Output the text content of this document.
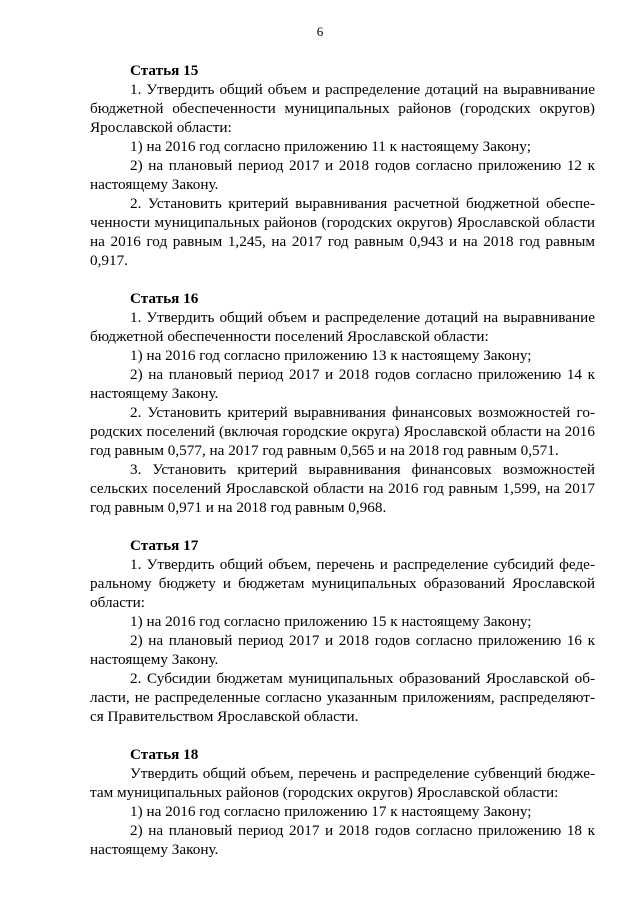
6

Статья 15

1. Утвердить общий объем и распределение дотаций на выравнивание бюджетной обеспеченности муниципальных районов (городских округов) Ярославской области:

1) на 2016 год согласно приложению 11 к настоящему Закону;

2) на плановый период 2017 и 2018 годов согласно приложению 12 к настоящему Закону.

2. Установить критерий выравнивания расчетной бюджетной обеспеченности муниципальных районов (городских округов) Ярославской области на 2016 год равным 1,245, на 2017 год равным 0,943 и на 2018 год равным 0,917.

Статья 16

1. Утвердить общий объем и распределение дотаций на выравнивание бюджетной обеспеченности поселений Ярославской области:

1) на 2016 год согласно приложению 13 к настоящему Закону;

2) на плановый период 2017 и 2018 годов согласно приложению 14 к настоящему Закону.

2. Установить критерий выравнивания финансовых возможностей городских поселений (включая городские округа) Ярославской области на 2016 год равным 0,577, на 2017 год равным 0,565 и на 2018 год равным 0,571.

3. Установить критерий выравнивания финансовых возможностей сельских поселений Ярославской области на 2016 год равным 1,599, на 2017 год равным 0,971 и на 2018 год равным 0,968.

Статья 17

1. Утвердить общий объем, перечень и распределение субсидий федеральному бюджету и бюджетам муниципальных образований Ярославской области:

1) на 2016 год согласно приложению 15 к настоящему Закону;

2) на плановый период 2017 и 2018 годов согласно приложению 16 к настоящему Закону.

2. Субсидии бюджетам муниципальных образований Ярославской области, не распределенные согласно указанным приложениям, распределяются Правительством Ярославской области.

Статья 18

Утвердить общий объем, перечень и распределение субвенций бюджетам муниципальных районов (городских округов) Ярославской области:

1) на 2016 год согласно приложению 17 к настоящему Закону;

2) на плановый период 2017 и 2018 годов согласно приложению 18 к настоящему Закону.
